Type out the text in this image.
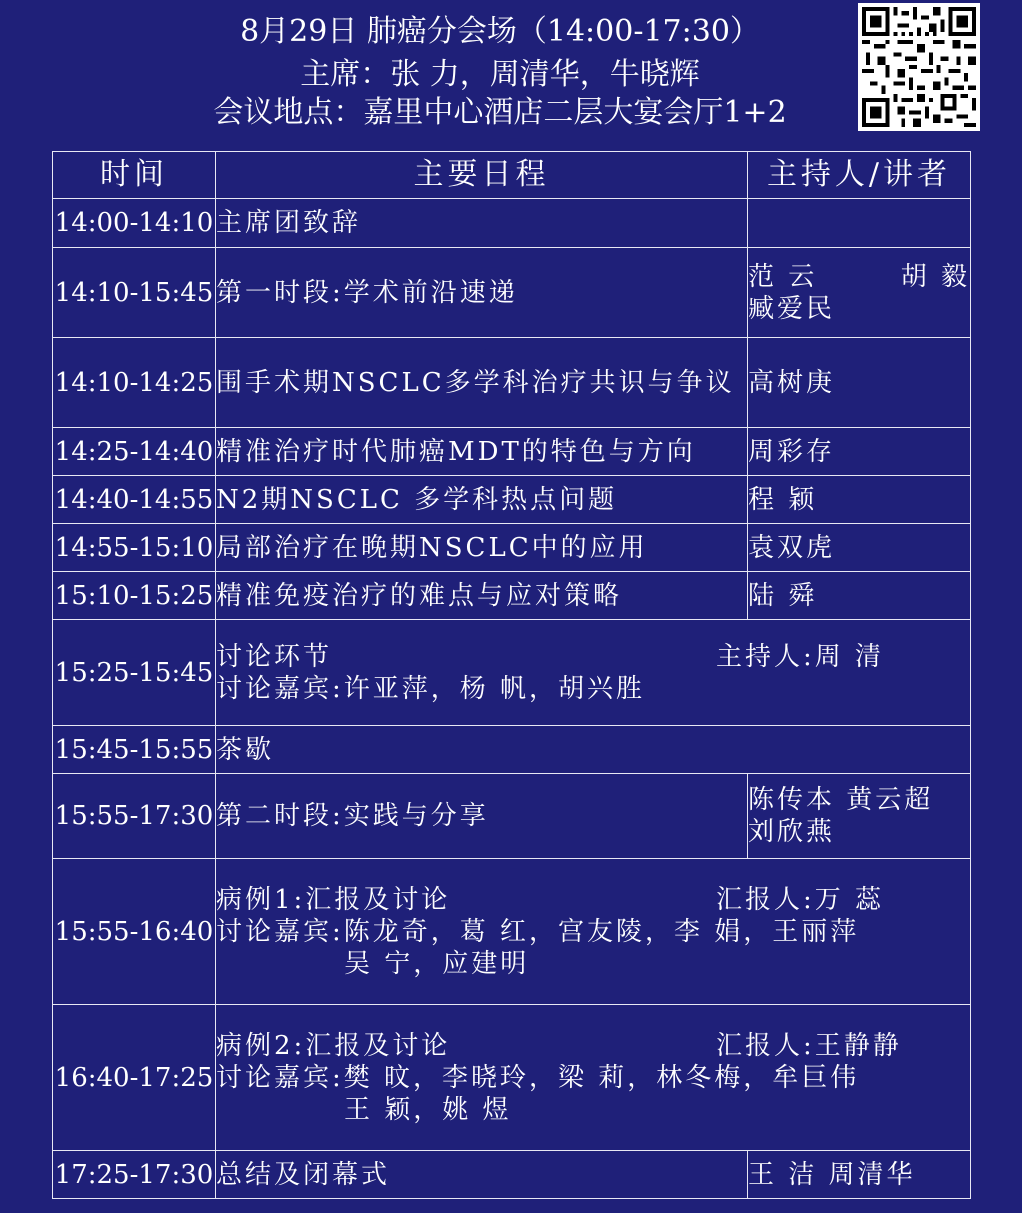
8月29日 肺癌分会场（14:00-17:30）
主席：张 力，周清华，牛晓辉
会议地点：嘉里中心酒店二层大宴会厅1+2
时间	主要日程	主持人/讲者
14:00-14:10	主席团致辞	
14:10-15:45	第一时段:学术前沿速递	范 云 胡 毅
臧爱民

14:10-14:25	围手术期NSCLC多学科治疗共识与争议	高树庚
14:25-14:40	精准治疗时代肺癌MDT的特色与方向	周彩存
14:40-14:55	N2期NSCLC 多学科热点问题	程 颖
14:55-15:10	局部治疗在晚期NSCLC中的应用	袁双虎
15:10-15:25	精准免疫治疗的难点与应对策略	陆 舜
15:25-15:45	讨论环节 主持人:周 清
讨论嘉宾:许亚萍，杨 帆，胡兴胜	

15:45-15:55	茶歇	
15:55-17:30	第二时段:实践与分享	陈传本 黄云超
刘欣燕

15:55-16:40	病例1:汇报及讨论 汇报人:万 蕊
讨论嘉宾:陈龙奇，葛 红，宫友陵，李 娟，王丽萍
吴 宁，应建明	

16:40-17:25	病例2:汇报及讨论 汇报人:王静静
讨论嘉宾:樊 旼，李晓玲，梁 莉，林冬梅，牟巨伟
王 颖，姚 煜	

17:25-17:30	总结及闭幕式	王 洁 周清华
